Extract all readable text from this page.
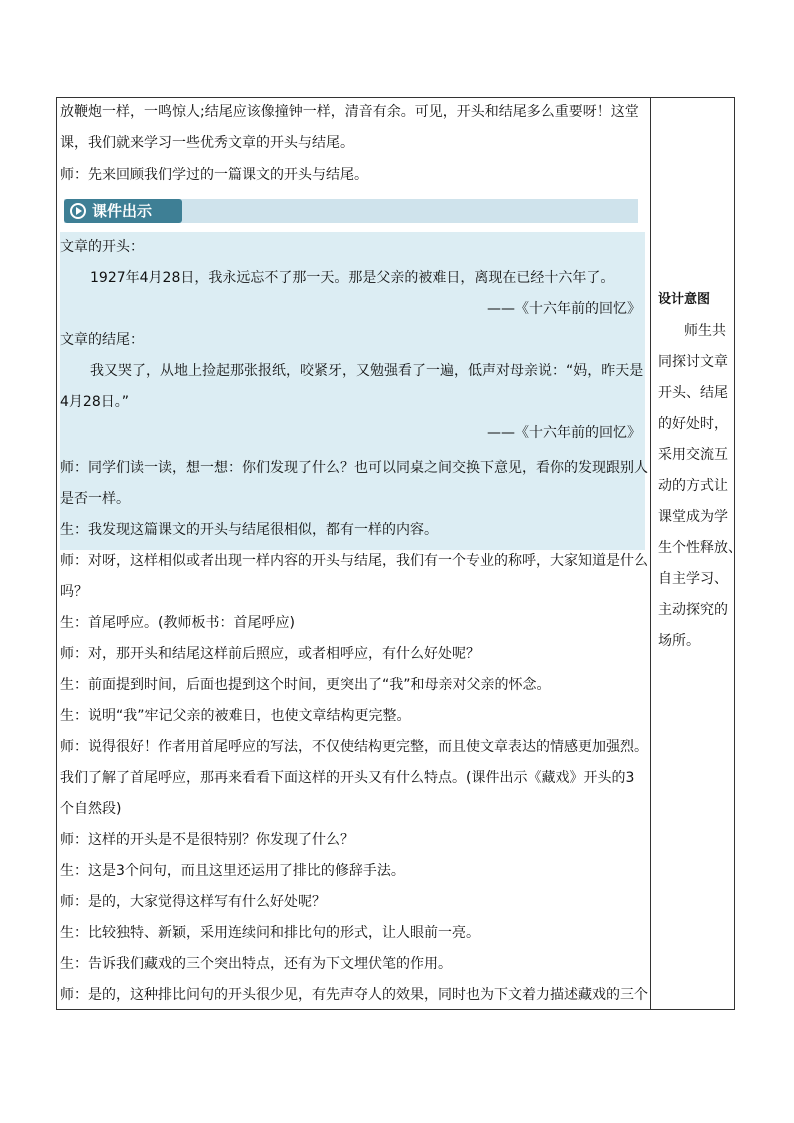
放鞭炮一样，一鸣惊人;结尾应该像撞钟一样，清音有余。可见，开头和结尾多么重要呀！这堂
课，我们就来学习一些优秀文章的开头与结尾。
师：先来回顾我们学过的一篇课文的开头与结尾。
课件出示
文章的开头：
1927年4月28日，我永远忘不了那一天。那是父亲的被难日，离现在已经十六年了。
——《十六年前的回忆》
文章的结尾：
我又哭了，从地上捡起那张报纸，咬紧牙，又勉强看了一遍，低声对母亲说：“妈，昨天是
4月28日。”
——《十六年前的回忆》
师：同学们读一读，想一想：你们发现了什么？也可以同桌之间交换下意见，看你的发现跟别人
是否一样。
生：我发现这篇课文的开头与结尾很相似，都有一样的内容。
师：对呀，这样相似或者出现一样内容的开头与结尾，我们有一个专业的称呼，大家知道是什么
吗？
生：首尾呼应。(教师板书：首尾呼应)
师：对，那开头和结尾这样前后照应，或者相呼应，有什么好处呢？
生：前面提到时间，后面也提到这个时间，更突出了“我”和母亲对父亲的怀念。
生：说明“我”牢记父亲的被难日，也使文章结构更完整。
师：说得很好！作者用首尾呼应的写法，不仅使结构更完整，而且使文章表达的情感更加强烈。
我们了解了首尾呼应，那再来看看下面这样的开头又有什么特点。(课件出示《藏戏》开头的3
个自然段)
师：这样的开头是不是很特别？你发现了什么？
生：这是3个问句，而且这里还运用了排比的修辞手法。
师：是的，大家觉得这样写有什么好处呢？
生：比较独特、新颖，采用连续问和排比句的形式，让人眼前一亮。
生：告诉我们藏戏的三个突出特点，还有为下文埋伏笔的作用。
师：是的，这种排比问句的开头很少见，有先声夺人的效果，同时也为下文着力描述藏戏的三个
设计意图
师生共
同探讨文章
开头、结尾
的好处时，
采用交流互
动的方式让
课堂成为学
生个性释放、
自主学习、
主动探究的
场所。
